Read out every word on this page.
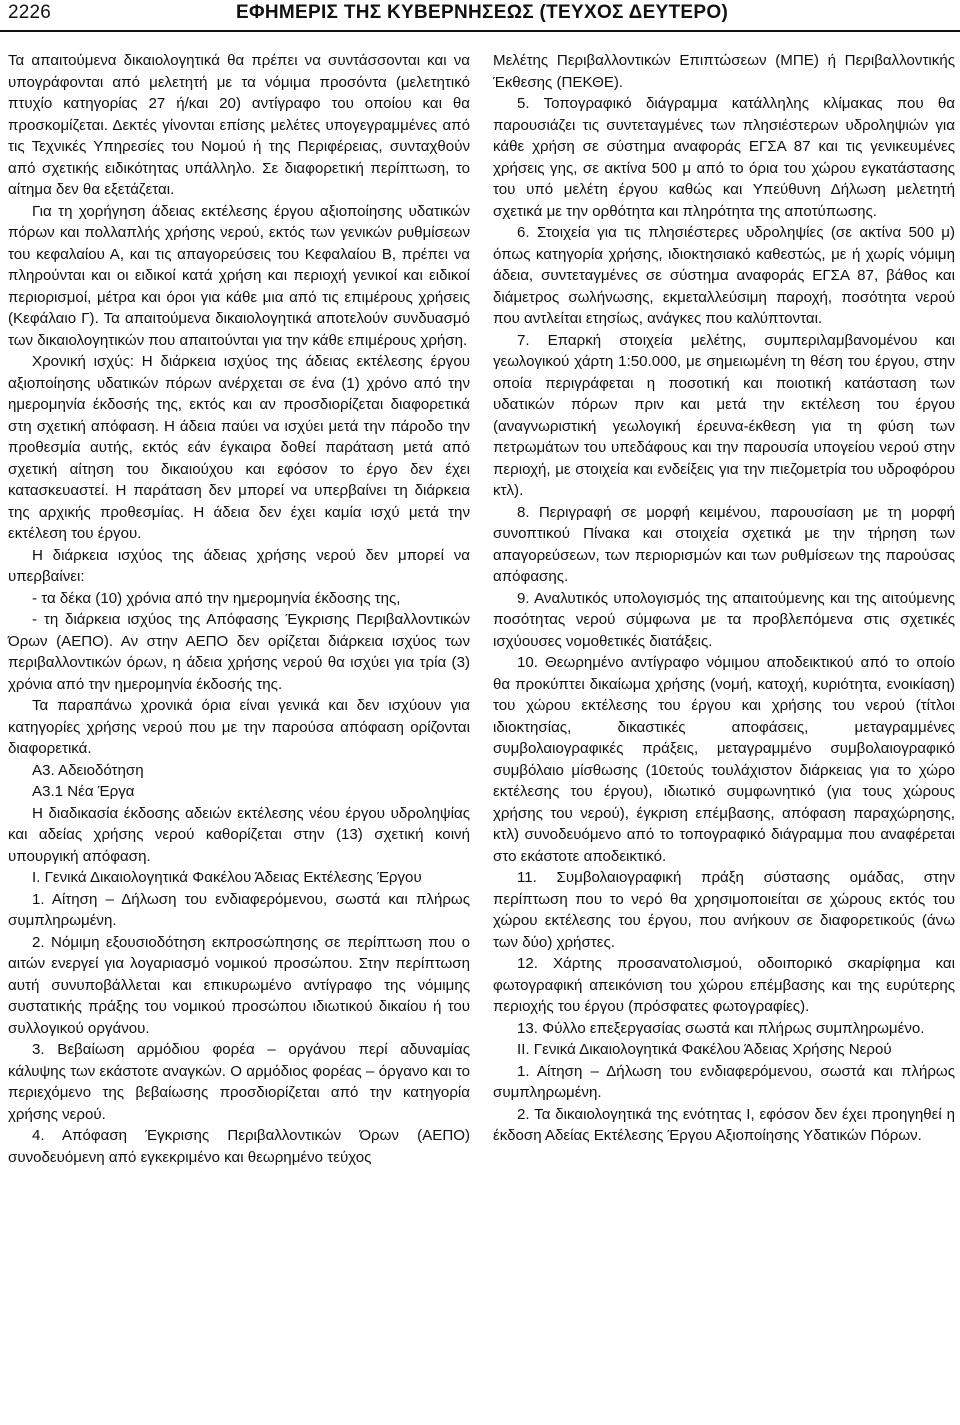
2226	ΕΦΗΜΕΡΙΣ ΤΗΣ ΚΥΒΕΡΝΗΣΕΩΣ (ΤΕΥΧΟΣ ΔΕΥΤΕΡΟ)

Τα απαιτούμενα δικαιολογητικά θα πρέπει να συντάσσονται και να υπογράφονται από μελετητή με τα νόμιμα προσόντα (μελετητικό πτυχίο κατηγορίας 27 ή/και 20) αντίγραφο του οποίου και θα προσκομίζεται. Δεκτές γίνονται επίσης μελέτες υπογεγραμμένες από τις Τεχνικές Υπηρεσίες του Νομού ή της Περιφέρειας, συνταχθούν από σχετικής ειδικότητας υπάλληλο. Σε διαφορετική περίπτωση, το αίτημα δεν θα εξετάζεται.

Για τη χορήγηση άδειας εκτέλεσης έργου αξιοποίησης υδατικών πόρων και πολλαπλής χρήσης νερού, εκτός των γενικών ρυθμίσεων του κεφαλαίου Α, και τις απαγορεύσεις του Κεφαλαίου Β, πρέπει να πληρούνται και οι ειδικοί κατά χρήση και περιοχή γενικοί και ειδικοί περιορισμοί, μέτρα και όροι για κάθε μια από τις επιμέρους χρήσεις (Κεφάλαιο Γ). Τα απαιτούμενα δικαιολογητικά αποτελούν συνδυασμό των δικαιολογητικών που απαιτούνται για την κάθε επιμέρους χρήση.

Χρονική ισχύς: Η διάρκεια ισχύος της άδειας εκτέλεσης έργου αξιοποίησης υδατικών πόρων ανέρχεται σε ένα (1) χρόνο από την ημερομηνία έκδοσής της, εκτός και αν προσδιορίζεται διαφορετικά στη σχετική απόφαση. Η άδεια παύει να ισχύει μετά την πάροδο την προθεσμία αυτής, εκτός εάν έγκαιρα δοθεί παράταση μετά από σχετική αίτηση του δικαιούχου και εφόσον το έργο δεν έχει κατασκευαστεί. Η παράταση δεν μπορεί να υπερβαίνει τη διάρκεια της αρχικής προθεσμίας. Η άδεια δεν έχει καμία ισχύ μετά την εκτέλεση του έργου.

Η διάρκεια ισχύος της άδειας χρήσης νερού δεν μπορεί να υπερβαίνει:

- τα δέκα (10) χρόνια από την ημερομηνία έκδοσης της,

- τη διάρκεια ισχύος της Απόφασης Έγκρισης Περιβαλλοντικών Όρων (ΑΕΠΟ). Αν στην ΑΕΠΟ δεν ορίζεται διάρκεια ισχύος των περιβαλλοντικών όρων, η άδεια χρήσης νερού θα ισχύει για τρία (3) χρόνια από την ημερομηνία έκδοσής της.

Τα παραπάνω χρονικά όρια είναι γενικά και δεν ισχύουν για κατηγορίες χρήσης νερού που με την παρούσα απόφαση ορίζονται διαφορετικά.

Α3. Αδειοδότηση

Α3.1 Νέα Έργα

Η διαδικασία έκδοσης αδειών εκτέλεσης νέου έργου υδροληψίας και αδείας χρήσης νερού καθορίζεται στην (13) σχετική κοινή υπουργική απόφαση.

Ι. Γενικά Δικαιολογητικά Φακέλου Άδειας Εκτέλεσης Έργου

1. Αίτηση – Δήλωση του ενδιαφερόμενου, σωστά και πλήρως συμπληρωμένη.

2. Νόμιμη εξουσιοδότηση εκπροσώπησης σε περίπτωση που ο αιτών ενεργεί για λογαριασμό νομικού προσώπου. Στην περίπτωση αυτή συνυποβάλλεται και επικυρωμένο αντίγραφο της νόμιμης συστατικής πράξης του νομικού προσώπου ιδιωτικού δικαίου ή του συλλογικού οργάνου.

3. Βεβαίωση αρμόδιου φορέα – οργάνου περί αδυναμίας κάλυψης των εκάστοτε αναγκών. Ο αρμόδιος φορέας – όργανο και το περιεχόμενο της βεβαίωσης προσδιορίζεται από την κατηγορία χρήσης νερού.

4. Απόφαση Έγκρισης Περιβαλλοντικών Όρων (ΑΕΠΟ) συνοδευόμενη από εγκεκριμένο και θεωρημένο τεύχος

Μελέτης Περιβαλλοντικών Επιπτώσεων (ΜΠΕ) ή Περιβαλλοντικής Έκθεσης (ΠΕΚΘΕ).

5. Τοπογραφικό διάγραμμα κατάλληλης κλίμακας που θα παρουσιάζει τις συντεταγμένες των πλησιέστερων υδροληψιών για κάθε χρήση σε σύστημα αναφοράς ΕΓΣΑ 87 και τις γενικευμένες χρήσεις γης, σε ακτίνα 500 μ από το όρια του χώρου εγκατάστασης του υπό μελέτη έργου καθώς και Υπεύθυνη Δήλωση μελετητή σχετικά με την ορθότητα και πληρότητα της αποτύπωσης.

6. Στοιχεία για τις πλησιέστερες υδροληψίες (σε ακτίνα 500 μ) όπως κατηγορία χρήσης, ιδιοκτησιακό καθεστώς, με ή χωρίς νόμιμη άδεια, συντεταγμένες σε σύστημα αναφοράς ΕΓΣΑ 87, βάθος και διάμετρος σωλήνωσης, εκμεταλλεύσιμη παροχή, ποσότητα νερού που αντλείται ετησίως, ανάγκες που καλύπτονται.

7. Επαρκή στοιχεία μελέτης, συμπεριλαμβανομένου και γεωλογικού χάρτη 1:50.000, με σημειωμένη τη θέση του έργου, στην οποία περιγράφεται η ποσοτική και ποιοτική κατάσταση των υδατικών πόρων πριν και μετά την εκτέλεση του έργου (αναγνωριστική γεωλογική έρευνα-έκθεση για τη φύση των πετρωμάτων του υπεδάφους και την παρουσία υπογείου νερού στην περιοχή, με στοιχεία και ενδείξεις για την πιεζομετρία του υδροφόρου κτλ).

8. Περιγραφή σε μορφή κειμένου, παρουσίαση με τη μορφή συνοπτικού Πίνακα και στοιχεία σχετικά με την τήρηση των απαγορεύσεων, των περιορισμών και των ρυθμίσεων της παρούσας απόφασης.

9. Αναλυτικός υπολογισμός της απαιτούμενης και της αιτούμενης ποσότητας νερού σύμφωνα με τα προβλεπόμενα στις σχετικές ισχύουσες νομοθετικές διατάξεις.

10. Θεωρημένο αντίγραφο νόμιμου αποδεικτικού από το οποίο θα προκύπτει δικαίωμα χρήσης (νομή, κατοχή, κυριότητα, ενοικίαση) του χώρου εκτέλεσης του έργου και χρήσης του νερού (τίτλοι ιδιοκτησίας, δικαστικές αποφάσεις, μεταγραμμένες συμβολαιογραφικές πράξεις, μεταγραμμένο συμβολαιογραφικό συμβόλαιο μίσθωσης (10ετούς τουλάχιστον διάρκειας για το χώρο εκτέλεσης του έργου), ιδιωτικό συμφωνητικό (για τους χώρους χρήσης του νερού), έγκριση επέμβασης, απόφαση παραχώρησης, κτλ) συνοδευόμενο από το τοπογραφικό διάγραμμα που αναφέρεται στο εκάστοτε αποδεικτικό.

11. Συμβολαιογραφική πράξη σύστασης ομάδας, στην περίπτωση που το νερό θα χρησιμοποιείται σε χώρους εκτός του χώρου εκτέλεσης του έργου, που ανήκουν σε διαφορετικούς (άνω των δύο) χρήστες.

12. Χάρτης προσανατολισμού, οδοιπορικό σκαρίφημα και φωτογραφική απεικόνιση του χώρου επέμβασης και της ευρύτερης περιοχής του έργου (πρόσφατες φωτογραφίες).

13. Φύλλο επεξεργασίας σωστά και πλήρως συμπληρωμένο.

ΙΙ. Γενικά Δικαιολογητικά Φακέλου Άδειας Χρήσης Νερού

1. Αίτηση – Δήλωση του ενδιαφερόμενου, σωστά και πλήρως συμπληρωμένη.

2. Τα δικαιολογητικά της ενότητας Ι, εφόσον δεν έχει προηγηθεί η έκδοση Αδείας Εκτέλεσης Έργου Αξιοποίησης Υδατικών Πόρων.
